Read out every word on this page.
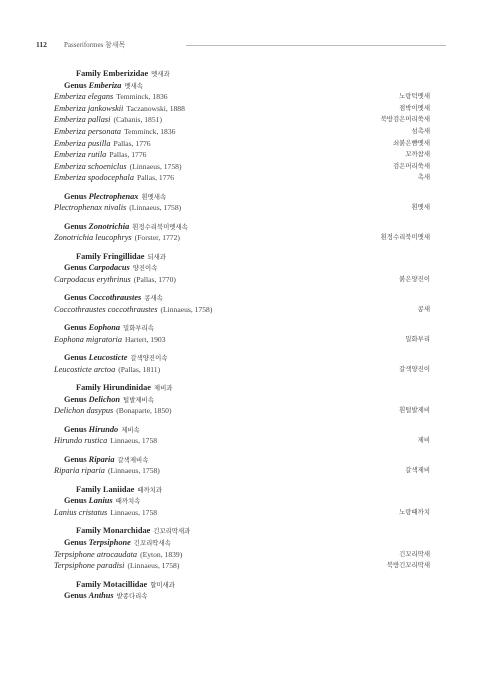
112 Passeriformes 참새목
Family Emberizidae 멧새과
Genus Emberiza 멧새속
Emberiza elegans Temminck, 1836	노랑턱멧새
Emberiza jankowskii Taczanowski, 1888	점박이멧새
Emberiza pallasi (Cabanis, 1851)	북방검은머리쑥새
Emberiza personata Temminck, 1836	섬촉새
Emberiza pusilla Pallas, 1776	쇠붉은뺨멧새
Emberiza rutila Pallas, 1776	꼬까참새
Emberiza schoeniclus (Linnaeus, 1758)	검은머리쑥새
Emberiza spodocephala Pallas, 1776	촉새
Genus Plectrophenax 흰멧새속
Plectrophenax nivalis (Linnaeus, 1758)	흰멧새
Genus Zonotrichia 흰정수리북미멧새속
Zonotrichia leucophrys (Forster, 1772)	흰정수리북미멧새
Family Fringillidae 되새과
Genus Carpodacus 양진이속
Carpodacus erythrinus (Pallas, 1770)	붉은양진이
Genus Coccothraustes 콩새속
Coccothraustes coccothraustes (Linnaeus, 1758)	콩새
Genus Eophona 밀화부리속
Eophona migratoria Hartert, 1903	밀화부리
Genus Leucosticte 갈색양진이속
Leucosticte arctoa (Pallas, 1811)	갈색양진이
Family Hirundinidae 제비과
Genus Delichon 털발제비속
Delichon dasypus (Bonaparte, 1850)	흰털발제비
Genus Hirundo 제비속
Hirundo rustica Linnaeus, 1758	제비
Genus Riparia 갈색제비속
Riparia riparia (Linnaeus, 1758)	갈색제비
Family Laniidae 때까치과
Genus Lanius 때까치속
Lanius cristatus Linnaeus, 1758	노랑때까치
Family Monarchidae 긴꼬리딱새과
Genus Terpsiphone 긴꼬리딱새속
Terpsiphone atrocaudata (Eyton, 1839)	긴꼬리딱새
Terpsiphone paradisi (Linnaeus, 1758)	북방긴꼬리딱새
Family Motacillidae 할미새과
Genus Anthus 밭종다리속
